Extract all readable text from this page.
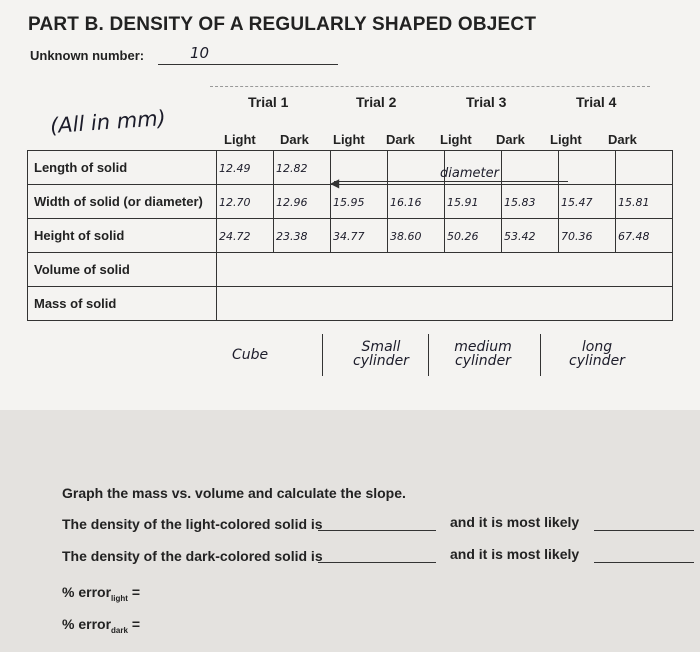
PART B. DENSITY OF A REGULARLY SHAPED OBJECT
Unknown number:	10
(All in mm)
Trial 1	Trial 2	Trial 3	Trial 4
Light Dark Light Dark Light Dark Light Dark
Length of solid	12.49	12.82						
Width of solid (or diameter)	12.70	12.96	15.95	16.16	15.91	15.83	15.47	15.81
Height of solid	24.72	23.38	34.77	38.60	50.26	53.42	70.36	67.48
Volume of solid								
Mass of solid								
◀
diameter
Cube	Small cylinder
medium cylinder
long cylinder
Graph the mass vs. volume and calculate the slope.
The density of the light-colored solid is	and it is most likely
The density of the dark-colored solid is	and it is most likely
% error$_{light}$ =
% error$_{dark}$ =
